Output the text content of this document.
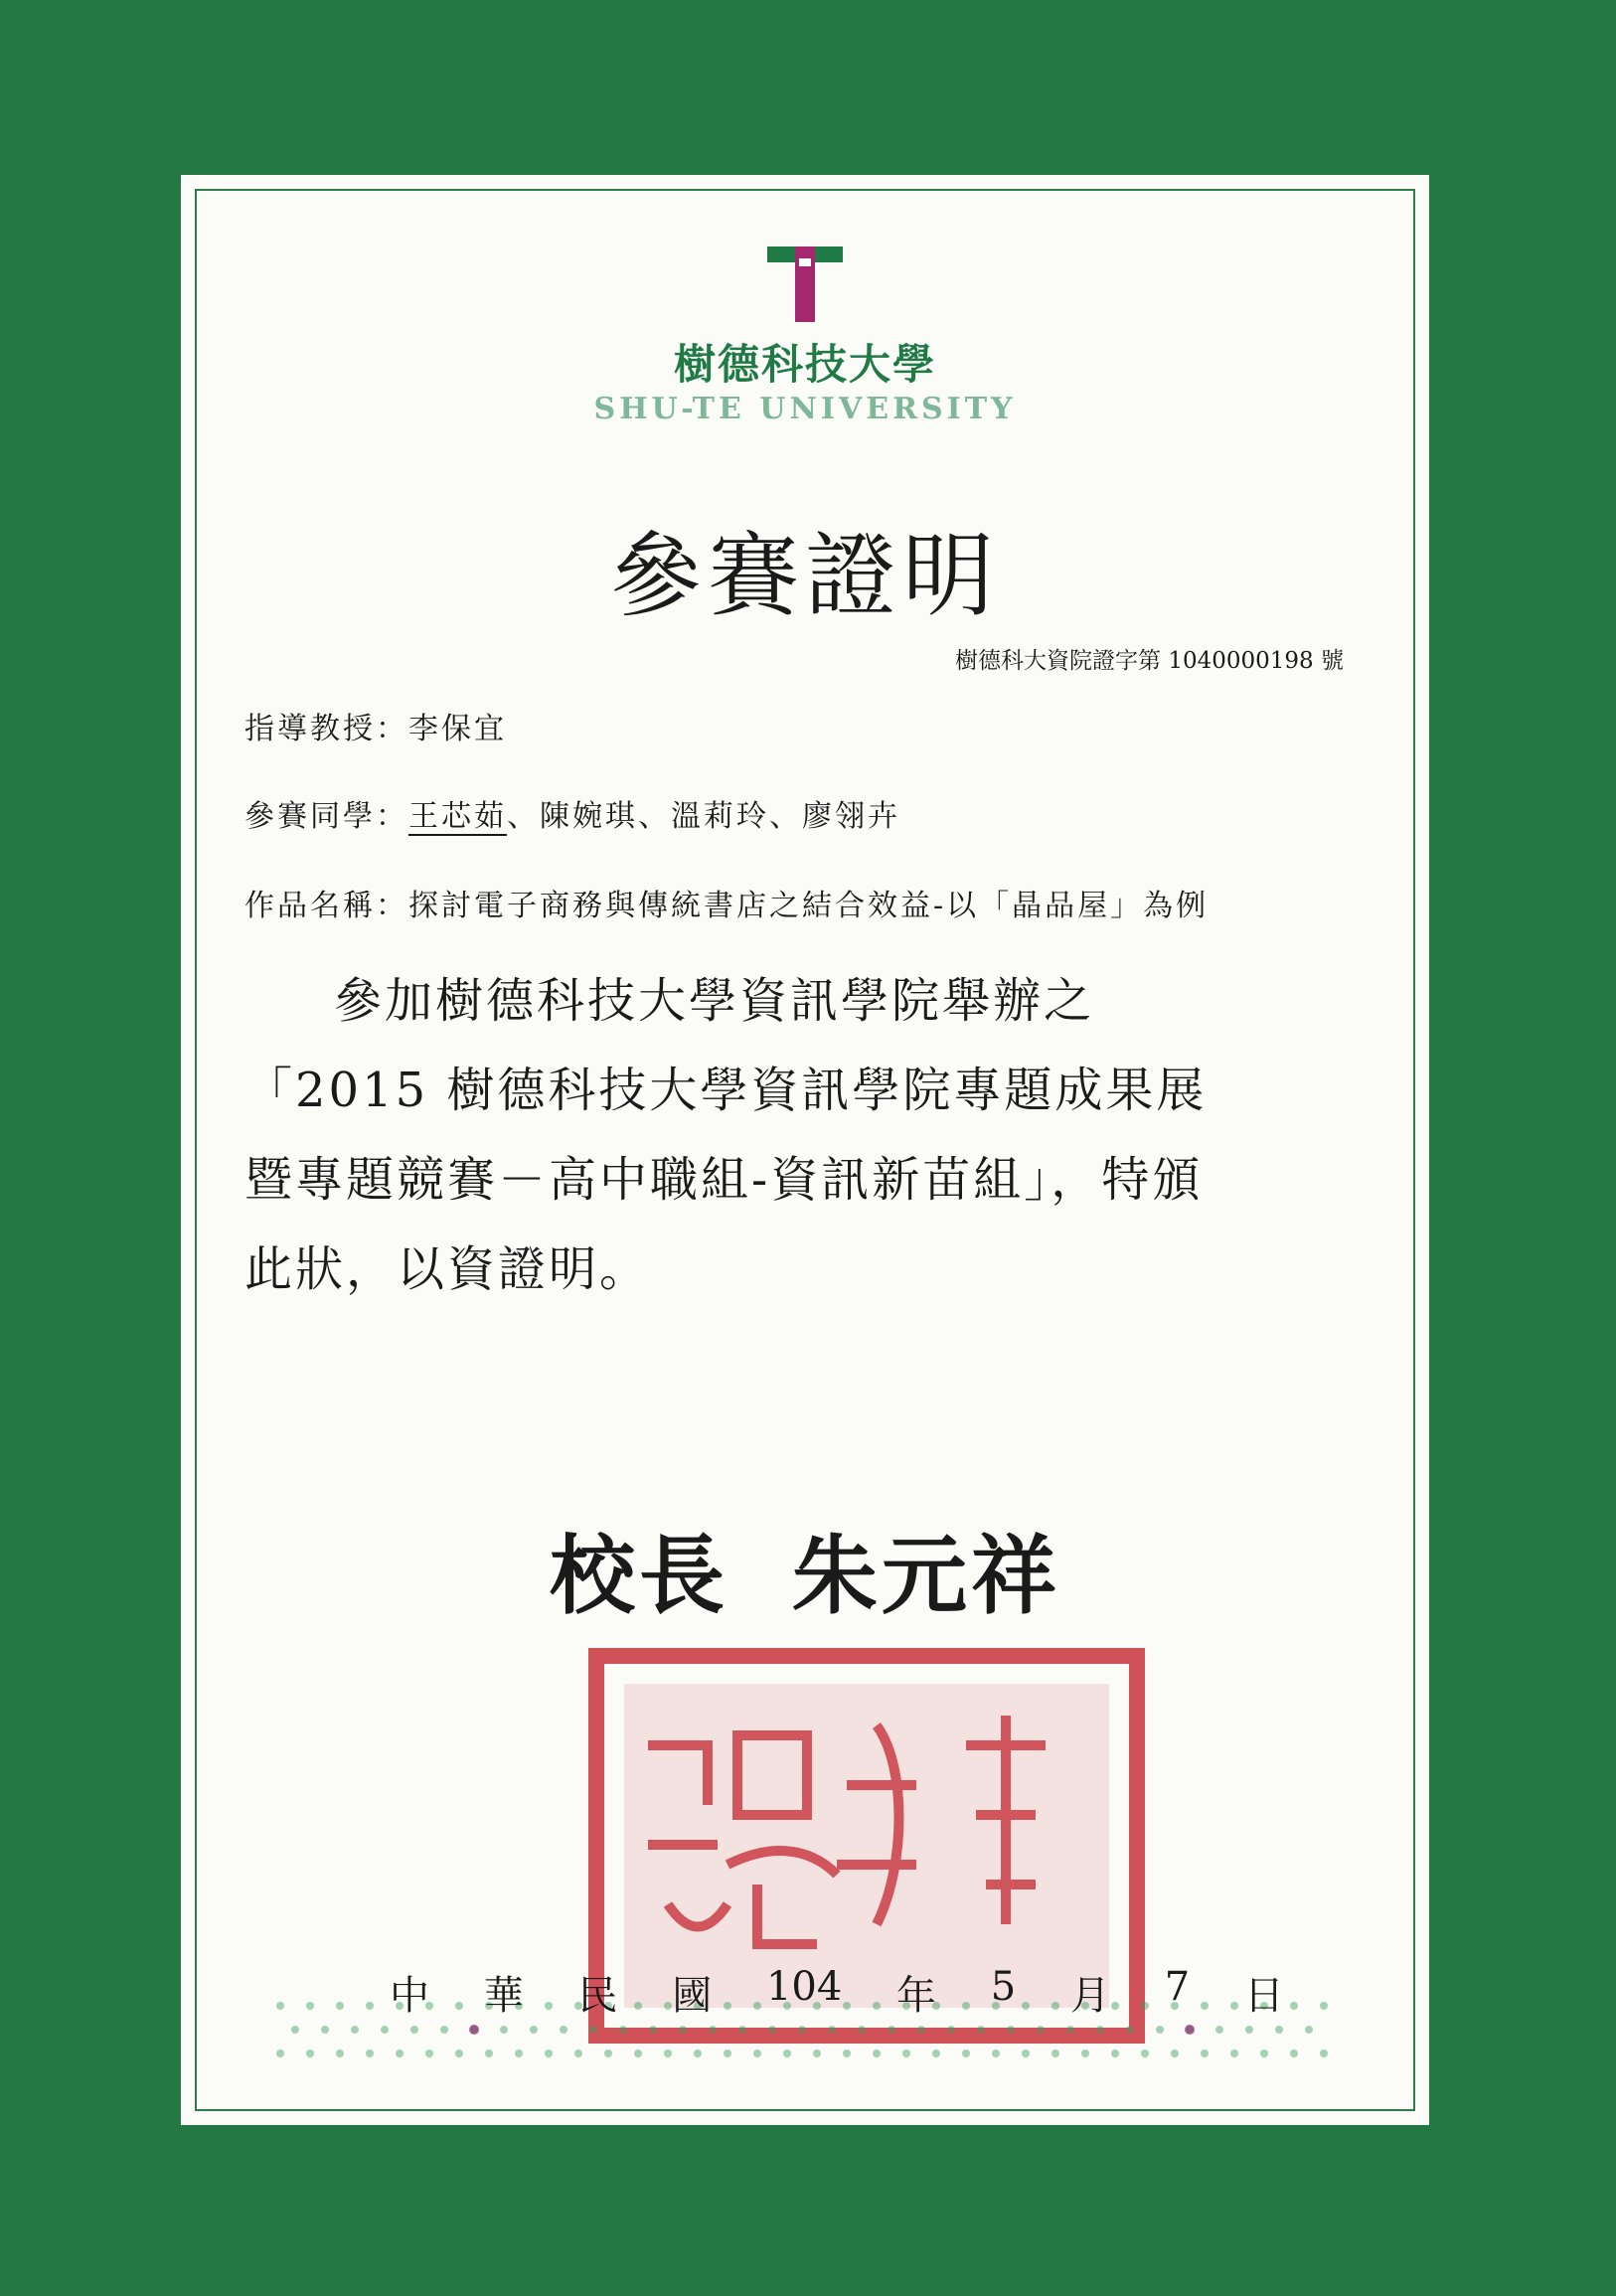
樹德科技大學
SHU-TE UNIVERSITY
參賽證明
樹德科大資院證字第 1040000198 號
指導教授：李保宜
參賽同學：王芯茹、陳婉琪、溫莉玲、廖翎卉
作品名稱：探討電子商務與傳統書店之結合效益-以「晶品屋」為例
參加樹德科技大學資訊學院舉辦之
「2015 樹德科技大學資訊學院專題成果展
暨專題競賽－高中職組-資訊新苗組」，特頒
此狀，以資證明。
校長 朱元祥
中 華 民 國 104 年 5 月 7 日
